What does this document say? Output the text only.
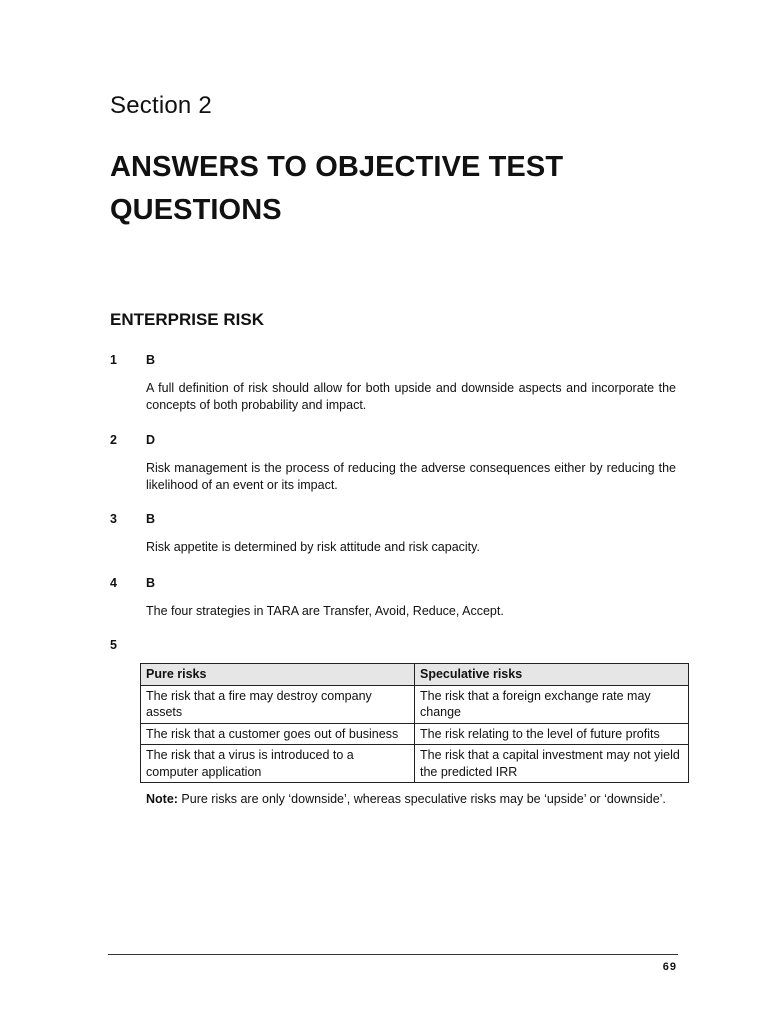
Section 2
ANSWERS TO OBJECTIVE TEST QUESTIONS
ENTERPRISE RISK
1 B
A full definition of risk should allow for both upside and downside aspects and incorporate the concepts of both probability and impact.
2 D
Risk management is the process of reducing the adverse consequences either by reducing the likelihood of an event or its impact.
3 B
Risk appetite is determined by risk attitude and risk capacity.
4 B
The four strategies in TARA are Transfer, Avoid, Reduce, Accept.
5
Pure risks	Speculative risks
The risk that a fire may destroy company assets	The risk that a foreign exchange rate may change
The risk that a customer goes out of business	The risk relating to the level of future profits
The risk that a virus is introduced to a computer application	The risk that a capital investment may not yield the predicted IRR
Note: Pure risks are only ‘downside’, whereas speculative risks may be ‘upside’ or ‘downside’.
69
